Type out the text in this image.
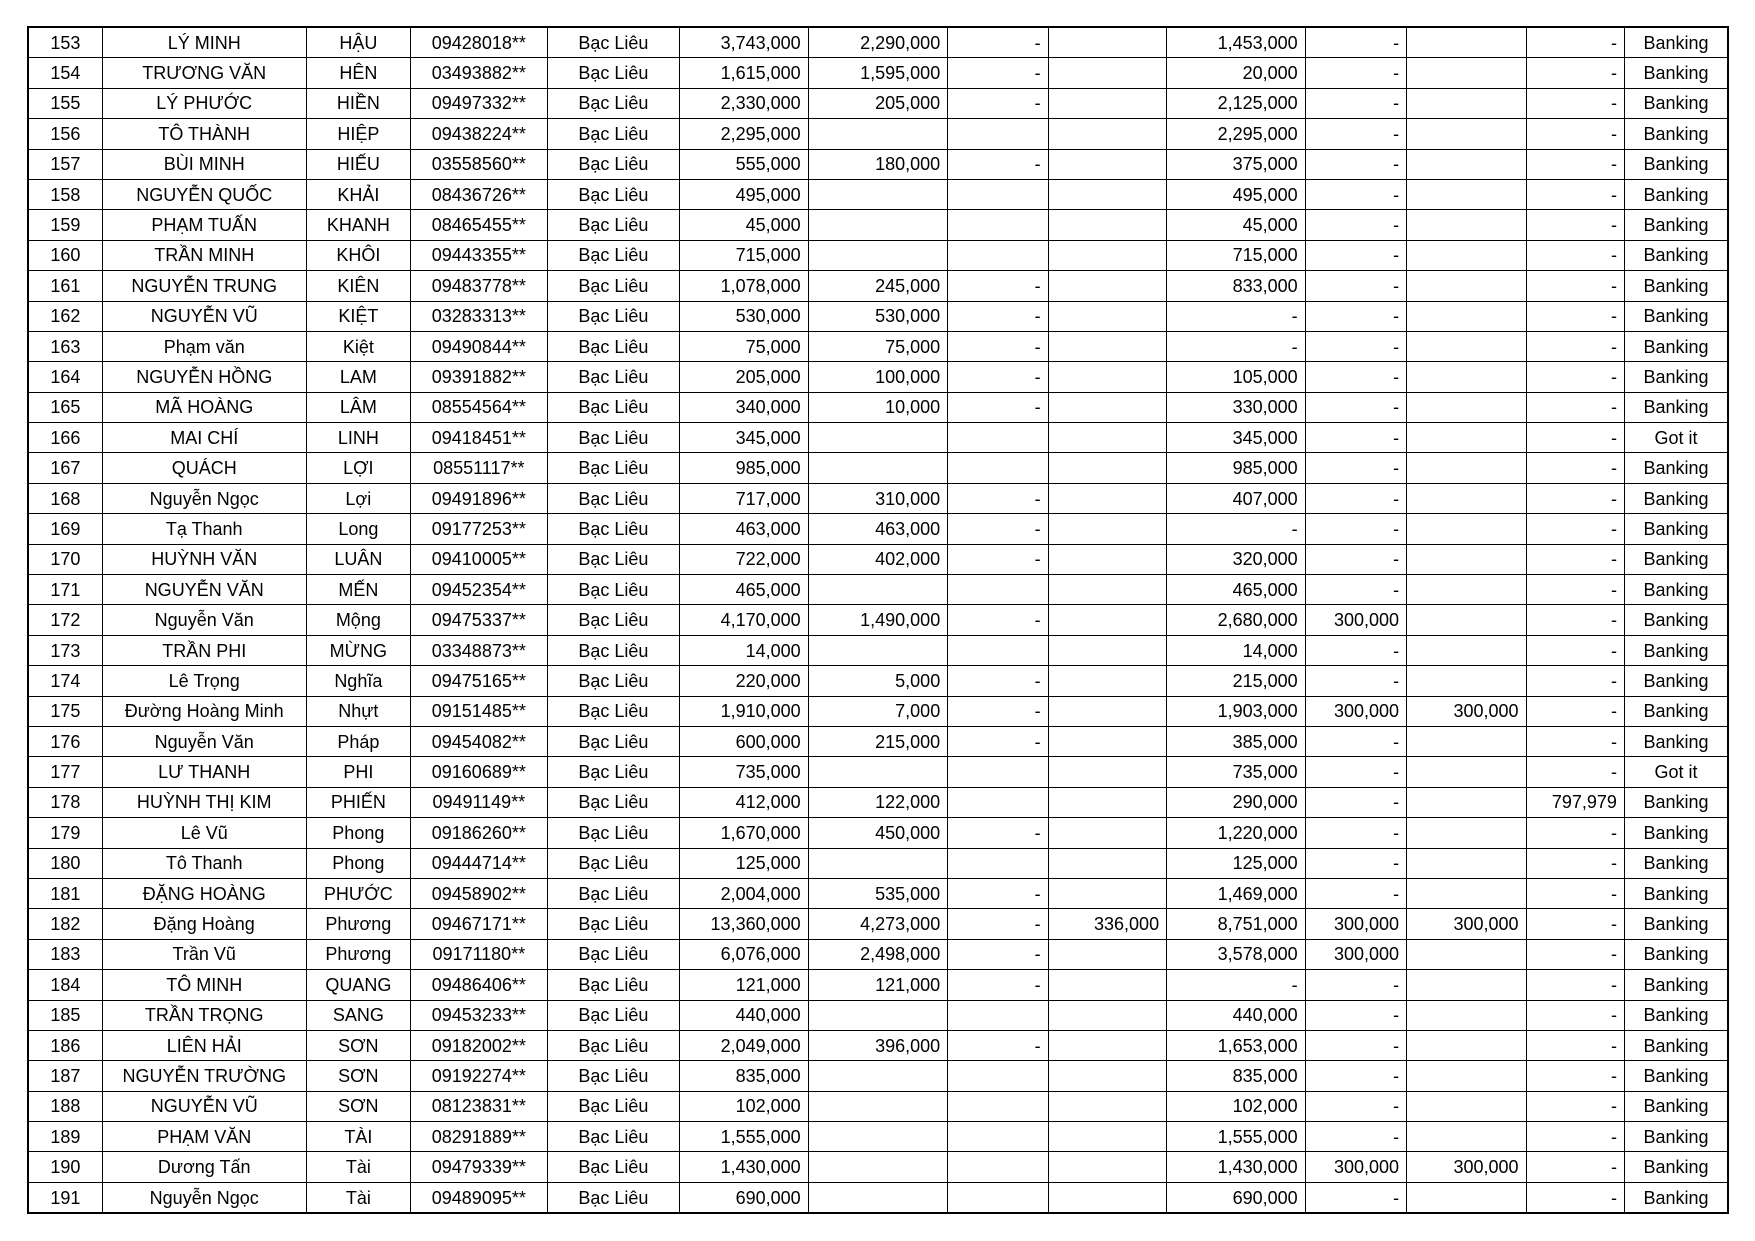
153	LÝ MINH	HẬU	09428018**	Bạc Liêu	3,743,000	2,290,000	-		1,453,000	-		-	Banking
154	TRƯƠNG VĂN	HÊN	03493882**	Bạc Liêu	1,615,000	1,595,000	-		20,000	-		-	Banking
155	LÝ PHƯỚC	HIỀN	09497332**	Bạc Liêu	2,330,000	205,000	-		2,125,000	-		-	Banking
156	TÔ THÀNH	HIỆP	09438224**	Bạc Liêu	2,295,000				2,295,000	-		-	Banking
157	BÙI MINH	HIẾU	03558560**	Bạc Liêu	555,000	180,000	-		375,000	-		-	Banking
158	NGUYỄN QUỐC	KHẢI	08436726**	Bạc Liêu	495,000				495,000	-		-	Banking
159	PHẠM TUẤN	KHANH	08465455**	Bạc Liêu	45,000				45,000	-		-	Banking
160	TRẦN MINH	KHÔI	09443355**	Bạc Liêu	715,000				715,000	-		-	Banking
161	NGUYỄN TRUNG	KIÊN	09483778**	Bạc Liêu	1,078,000	245,000	-		833,000	-		-	Banking
162	NGUYỄN VŨ	KIỆT	03283313**	Bạc Liêu	530,000	530,000	-		-	-		-	Banking
163	Phạm văn	Kiệt	09490844**	Bạc Liêu	75,000	75,000	-		-	-		-	Banking
164	NGUYỄN HỒNG	LAM	09391882**	Bạc Liêu	205,000	100,000	-		105,000	-		-	Banking
165	MÃ HOÀNG	LÂM	08554564**	Bạc Liêu	340,000	10,000	-		330,000	-		-	Banking
166	MAI CHÍ	LINH	09418451**	Bạc Liêu	345,000				345,000	-		-	Got it
167	QUÁCH	LỢI	08551117**	Bạc Liêu	985,000				985,000	-		-	Banking
168	Nguyễn Ngọc	Lợi	09491896**	Bạc Liêu	717,000	310,000	-		407,000	-		-	Banking
169	Tạ Thanh	Long	09177253**	Bạc Liêu	463,000	463,000	-		-	-		-	Banking
170	HUỲNH VĂN	LUÂN	09410005**	Bạc Liêu	722,000	402,000	-		320,000	-		-	Banking
171	NGUYỄN VĂN	MẾN	09452354**	Bạc Liêu	465,000				465,000	-		-	Banking
172	Nguyễn Văn	Mộng	09475337**	Bạc Liêu	4,170,000	1,490,000	-		2,680,000	300,000		-	Banking
173	TRẦN PHI	MỪNG	03348873**	Bạc Liêu	14,000				14,000	-		-	Banking
174	Lê Trọng	Nghĩa	09475165**	Bạc Liêu	220,000	5,000	-		215,000	-		-	Banking
175	Đường Hoàng Minh	Nhựt	09151485**	Bạc Liêu	1,910,000	7,000	-		1,903,000	300,000	300,000	-	Banking
176	Nguyễn Văn	Pháp	09454082**	Bạc Liêu	600,000	215,000	-		385,000	-		-	Banking
177	LƯ THANH	PHI	09160689**	Bạc Liêu	735,000				735,000	-		-	Got it
178	HUỲNH THỊ KIM	PHIẾN	09491149**	Bạc Liêu	412,000	122,000			290,000	-		797,979	Banking
179	Lê Vũ	Phong	09186260**	Bạc Liêu	1,670,000	450,000	-		1,220,000	-		-	Banking
180	Tô Thanh	Phong	09444714**	Bạc Liêu	125,000				125,000	-		-	Banking
181	ĐẶNG HOÀNG	PHƯỚC	09458902**	Bạc Liêu	2,004,000	535,000	-		1,469,000	-		-	Banking
182	Đặng Hoàng	Phương	09467171**	Bạc Liêu	13,360,000	4,273,000	-	336,000	8,751,000	300,000	300,000	-	Banking
183	Trần Vũ	Phương	09171180**	Bạc Liêu	6,076,000	2,498,000	-		3,578,000	300,000		-	Banking
184	TÔ MINH	QUANG	09486406**	Bạc Liêu	121,000	121,000	-		-	-		-	Banking
185	TRẦN TRỌNG	SANG	09453233**	Bạc Liêu	440,000				440,000	-		-	Banking
186	LIÊN HẢI	SƠN	09182002**	Bạc Liêu	2,049,000	396,000	-		1,653,000	-		-	Banking
187	NGUYỄN TRƯỜNG	SƠN	09192274**	Bạc Liêu	835,000				835,000	-		-	Banking
188	NGUYỄN VŨ	SƠN	08123831**	Bạc Liêu	102,000				102,000	-		-	Banking
189	PHẠM VĂN	TÀI	08291889**	Bạc Liêu	1,555,000				1,555,000	-		-	Banking
190	Dương Tấn	Tài	09479339**	Bạc Liêu	1,430,000				1,430,000	300,000	300,000	-	Banking
191	Nguyễn Ngọc	Tài	09489095**	Bạc Liêu	690,000				690,000	-		-	Banking
